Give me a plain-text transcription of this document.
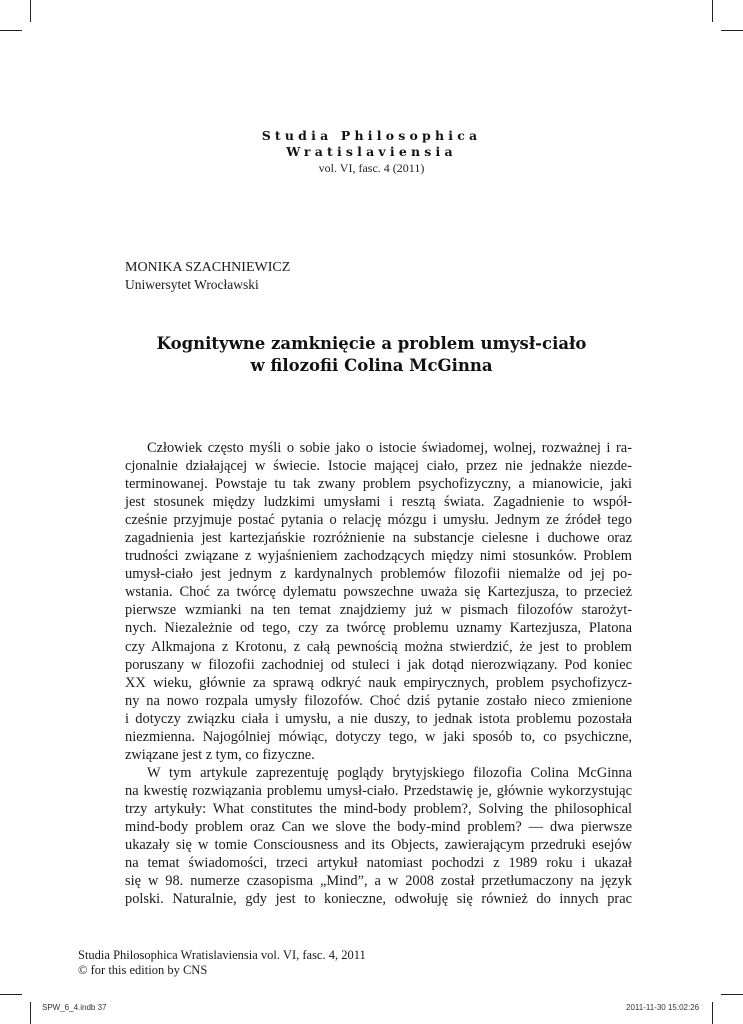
Studia Philosophica
Wratislaviensia
vol. VI, fasc. 4 (2011)
MONIKA SZACHNIEWICZ
Uniwersytet Wrocławski
Kognitywne zamknięcie a problem umysł-ciało
w filozofii Colina McGinna
Człowiek często myśli o sobie jako o istocie świadomej, wolnej, rozważnej i ra-
cjonalnie działającej w świecie. Istocie mającej ciało, przez nie jednakże niezde-
terminowanej. Powstaje tu tak zwany problem psychofizyczny, a mianowicie, jaki
jest stosunek między ludzkimi umysłami i resztą świata. Zagadnienie to współ-
cześnie przyjmuje postać pytania o relację mózgu i umysłu. Jednym ze źródeł tego
zagadnienia jest kartezjańskie rozróżnienie na substancje cielesne i duchowe oraz
trudności związane z wyjaśnieniem zachodzących między nimi stosunków. Problem
umysł-ciało jest jednym z kardynalnych problemów filozofii niemalże od jej po-
wstania. Choć za twórcę dylematu powszechne uważa się Kartezjusza, to przecież
pierwsze wzmianki na ten temat znajdziemy już w pismach filozofów starożyt-
nych. Niezależnie od tego, czy za twórcę problemu uznamy Kartezjusza, Platona
czy Alkmajona z Krotonu, z całą pewnością można stwierdzić, że jest to problem
poruszany w filozofii zachodniej od stuleci i jak dotąd nierozwiązany. Pod koniec
XX wieku, głównie za sprawą odkryć nauk empirycznych, problem psychofizycz-
ny na nowo rozpala umysły filozofów. Choć dziś pytanie zostało nieco zmienione
i dotyczy związku ciała i umysłu, a nie duszy, to jednak istota problemu pozostała
niezmienna. Najogólniej mówiąc, dotyczy tego, w jaki sposób to, co psychiczne,
związane jest z tym, co fizyczne.
W tym artykule zaprezentuję poglądy brytyjskiego filozofia Colina McGinna
na kwestię rozwiązania problemu umysł-ciało. Przedstawię je, głównie wykorzystując
trzy artykuły: What constitutes the mind-body problem?, Solving the philosophical
mind-body problem oraz Can we slove the body-mind problem? — dwa pierwsze
ukazały się w tomie Consciousness and its Objects, zawierającym przedruki esejów
na temat świadomości, trzeci artykuł natomiast pochodzi z 1989 roku i ukazał
się w 98. numerze czasopisma „Mind”, a w 2008 został przetłumaczony na język
polski. Naturalnie, gdy jest to konieczne, odwołuję się również do innych prac
Studia Philosophica Wratislaviensia vol. VI, fasc. 4, 2011
© for this edition by CNS
SPW_6_4.indb 37	2011-11-30 15:02:26
